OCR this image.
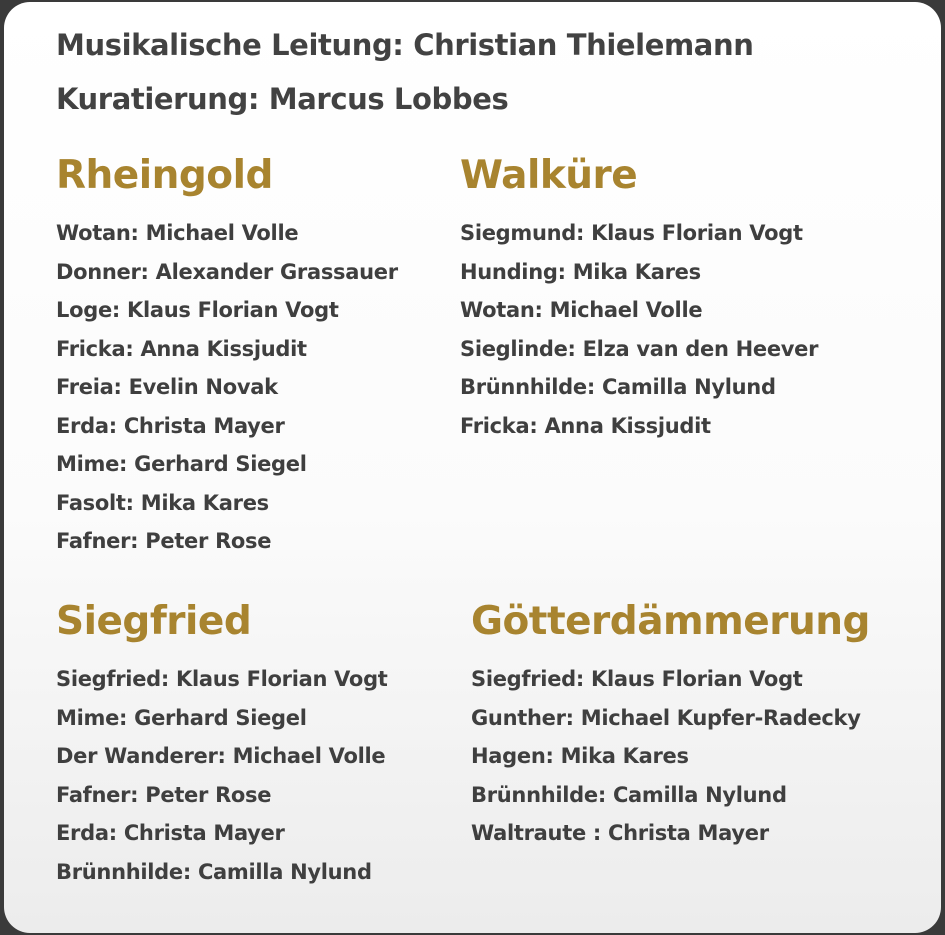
Musikalische Leitung: Christian Thielemann
Kuratierung: Marcus Lobbes
Rheingold
Wotan: Michael Volle
Donner: Alexander Grassauer
Loge: Klaus Florian Vogt
Fricka: Anna Kissjudit
Freia: Evelin Novak
Erda: Christa Mayer
Mime: Gerhard Siegel
Fasolt: Mika Kares
Fafner: Peter Rose
Walküre
Siegmund: Klaus Florian Vogt
Hunding: Mika Kares
Wotan: Michael Volle
Sieglinde: Elza van den Heever
Brünnhilde: Camilla Nylund
Fricka: Anna Kissjudit
Siegfried
Siegfried: Klaus Florian Vogt
Mime: Gerhard Siegel
Der Wanderer: Michael Volle
Fafner: Peter Rose
Erda: Christa Mayer
Brünnhilde: Camilla Nylund
Götterdämmerung
Siegfried: Klaus Florian Vogt
Gunther: Michael Kupfer-Radecky
Hagen: Mika Kares
Brünnhilde: Camilla Nylund
Waltraute : Christa Mayer
